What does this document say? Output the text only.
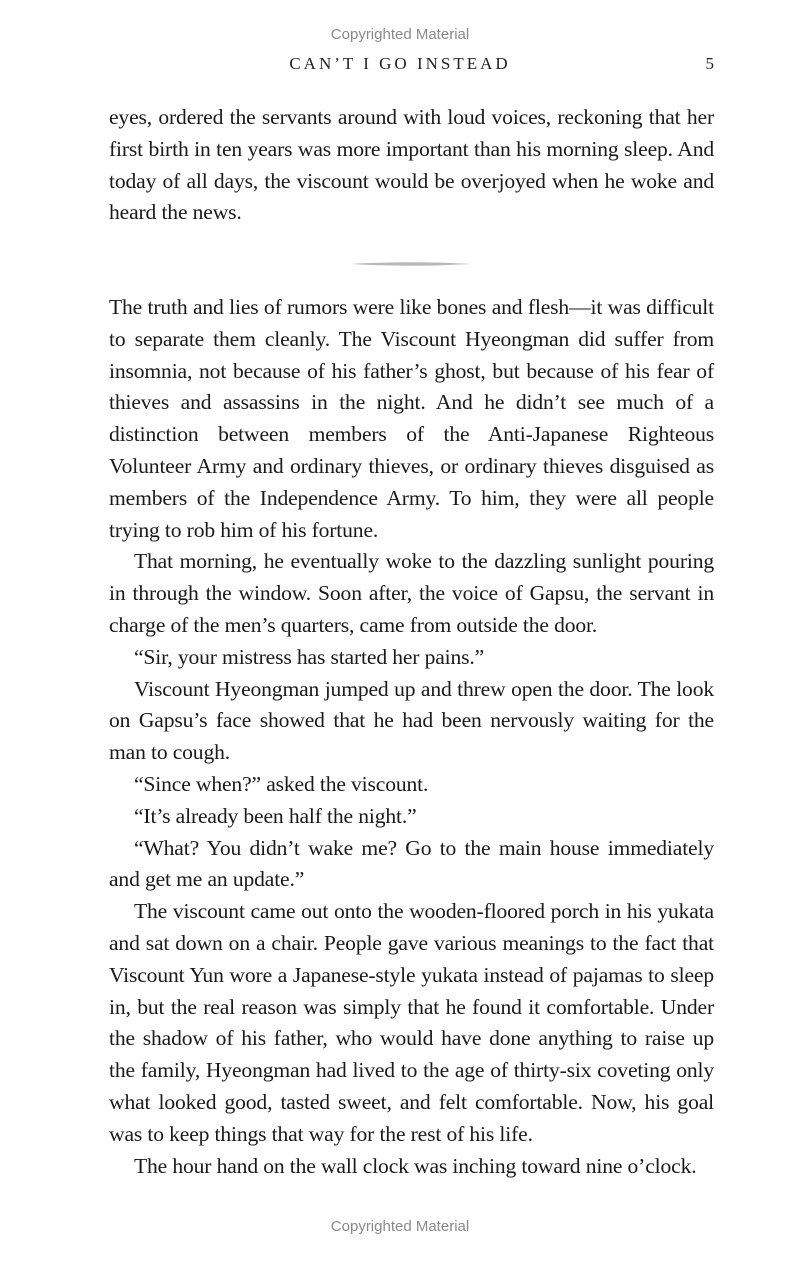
Copyrighted Material
CAN’T I GO INSTEAD	5

eyes, ordered the servants around with loud voices, reckoning that her first birth in ten years was more important than his morning sleep. And today of all days, the viscount would be overjoyed when he woke and heard the news.

The truth and lies of rumors were like bones and flesh—it was difficult to separate them cleanly. The Viscount Hyeongman did suffer from insomnia, not because of his father’s ghost, but because of his fear of thieves and assassins in the night. And he didn’t see much of a distinction between members of the Anti-Japanese Righteous Volunteer Army and ordinary thieves, or ordinary thieves disguised as members of the Independence Army. To him, they were all people trying to rob him of his fortune.

That morning, he eventually woke to the dazzling sunlight pouring in through the window. Soon after, the voice of Gapsu, the servant in charge of the men’s quarters, came from outside the door.

“Sir, your mistress has started her pains.”

Viscount Hyeongman jumped up and threw open the door. The look on Gapsu’s face showed that he had been nervously waiting for the man to cough.

“Since when?” asked the viscount.

“It’s already been half the night.”

“What? You didn’t wake me? Go to the main house immediately and get me an update.”

The viscount came out onto the wooden-floored porch in his yukata and sat down on a chair. People gave various meanings to the fact that Viscount Yun wore a Japanese-style yukata instead of pajamas to sleep in, but the real reason was simply that he found it comfortable. Under the shadow of his father, who would have done anything to raise up the family, Hyeongman had lived to the age of thirty-six coveting only what looked good, tasted sweet, and felt comfortable. Now, his goal was to keep things that way for the rest of his life.

The hour hand on the wall clock was inching toward nine o’clock.

Copyrighted Material
